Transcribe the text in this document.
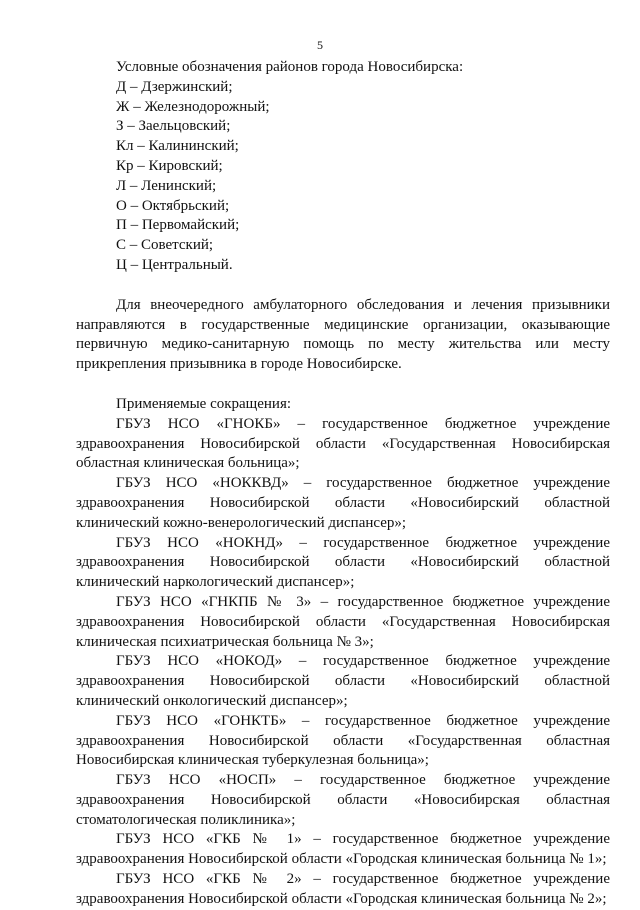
5
Условные обозначения районов города Новосибирска:
Д – Дзержинский;
Ж – Железнодорожный;
З – Заельцовский;
Кл – Калининский;
Кр – Кировский;
Л – Ленинский;
О – Октябрьский;
П – Первомайский;
С – Советский;
Ц – Центральный.
Для внеочередного амбулаторного обследования и лечения призывники направляются в государственные медицинские организации, оказывающие первичную медико-санитарную помощь по месту жительства или месту прикрепления призывника в городе Новосибирске.
Применяемые сокращения:
ГБУЗ НСО «ГНОКБ» – государственное бюджетное учреждение здравоохранения Новосибирской области «Государственная Новосибирская областная клиническая больница»;
ГБУЗ НСО «НОККВД» – государственное бюджетное учреждение здравоохранения Новосибирской области «Новосибирский областной клинический кожно-венерологический диспансер»;
ГБУЗ НСО «НОКНД» – государственное бюджетное учреждение здравоохранения Новосибирской области «Новосибирский областной клинический наркологический диспансер»;
ГБУЗ НСО «ГНКПБ № 3» – государственное бюджетное учреждение здравоохранения Новосибирской области «Государственная Новосибирская клиническая психиатрическая больница № 3»;
ГБУЗ НСО «НОКОД» – государственное бюджетное учреждение здравоохранения Новосибирской области «Новосибирский областной клинический онкологический диспансер»;
ГБУЗ НСО «ГОНКТБ» – государственное бюджетное учреждение здравоохранения Новосибирской области «Государственная областная Новосибирская клиническая туберкулезная больница»;
ГБУЗ НСО «НОСП» – государственное бюджетное учреждение здравоохранения Новосибирской области «Новосибирская областная стоматологическая поликлиника»;
ГБУЗ НСО «ГКБ № 1» – государственное бюджетное учреждение здравоохранения Новосибирской области «Городская клиническая больница № 1»;
ГБУЗ НСО «ГКБ № 2» – государственное бюджетное учреждение здравоохранения Новосибирской области «Городская клиническая больница № 2»;
